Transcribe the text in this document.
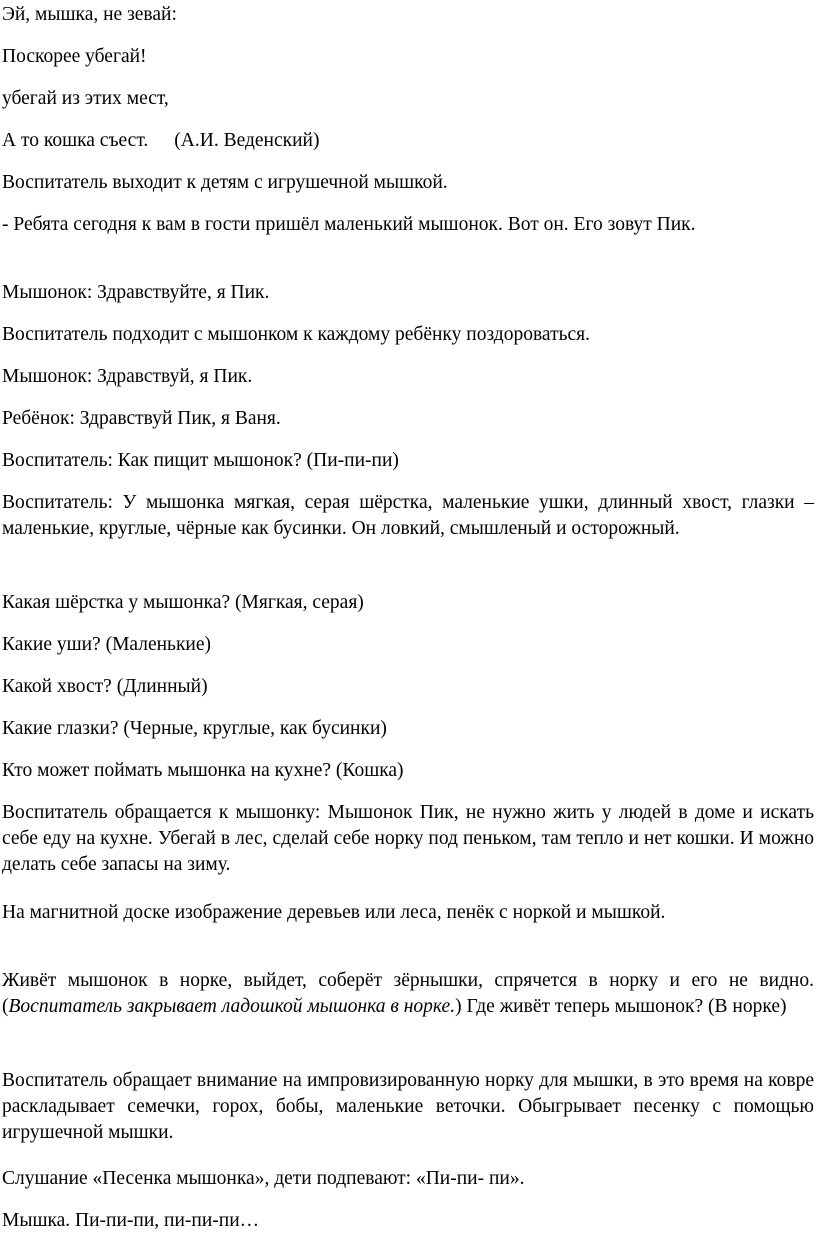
Эй, мышка, не зевай:

Поскорее убегай!

убегай из этих мест,

А то кошка съест. (А.И. Веденский)

Воспитатель выходит к детям с игрушечной мышкой.

- Ребята сегодня к вам в гости пришёл маленький мышонок. Вот он. Его зовут Пик.

Мышонок: Здравствуйте, я Пик.

Воспитатель подходит с мышонком к каждому ребёнку поздороваться.

Мышонок: Здравствуй, я Пик.

Ребёнок: Здравствуй Пик, я Ваня.

Воспитатель: Как пищит мышонок? (Пи-пи-пи)

Воспитатель: У мышонка мягкая, серая шёрстка, маленькие ушки, длинный хвост, глазки – маленькие, круглые, чёрные как бусинки. Он ловкий, смышленый и осторожный.

Какая шёрстка у мышонка? (Мягкая, серая)

Какие уши? (Маленькие)

Какой хвост? (Длинный)

Какие глазки? (Черные, круглые, как бусинки)

Кто может поймать мышонка на кухне? (Кошка)

Воспитатель обращается к мышонку: Мышонок Пик, не нужно жить у людей в доме и искать себе еду на кухне. Убегай в лес, сделай себе норку под пеньком, там тепло и нет кошки. И можно делать себе запасы на зиму.

На магнитной доске изображение деревьев или леса, пенёк с норкой и мышкой.

Живёт мышонок в норке, выйдет, соберёт зёрнышки, спрячется в норку и его не видно. (Воспитатель закрывает ладошкой мышонка в норке.) Где живёт теперь мышонок? (В норке)

Воспитатель обращает внимание на импровизированную норку для мышки, в это время на ковре раскладывает семечки, горох, бобы, маленькие веточки. Обыгрывает песенку с помощью игрушечной мышки.

Слушание «Песенка мышонка», дети подпевают: «Пи-пи- пи».

Мышка. Пи-пи-пи, пи-пи-пи…
